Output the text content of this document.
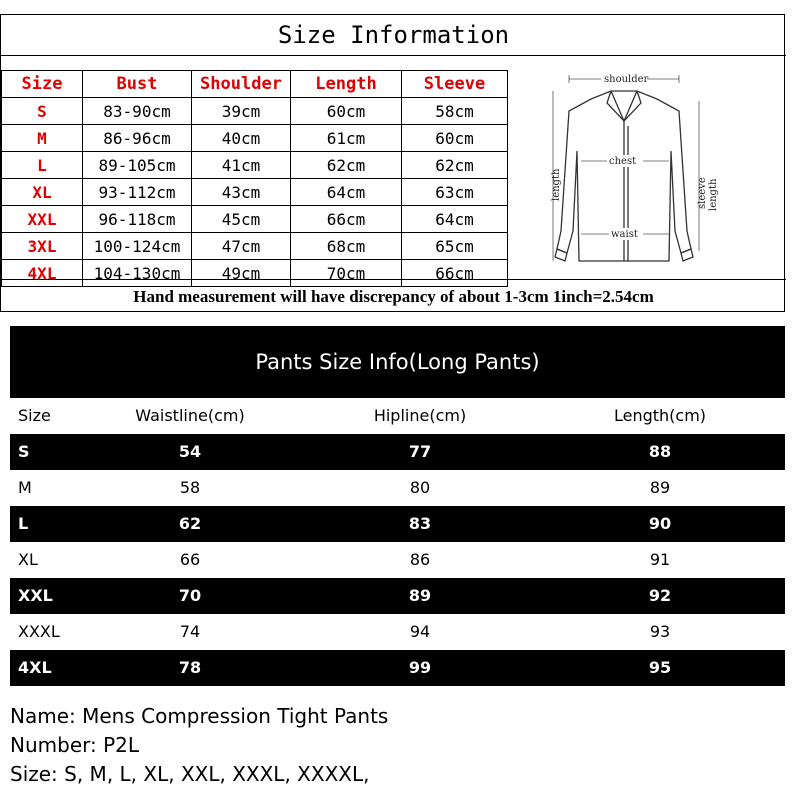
Size Information
Size	Bust	Shoulder	Length	Sleeve
S	83-90cm	39cm	60cm	58cm
M	86-96cm	40cm	61cm	60cm
L	89-105cm	41cm	62cm	62cm
XL	93-112cm	43cm	64cm	63cm
XXL	96-118cm	45cm	66cm	64cm
3XL	100-124cm	47cm	68cm	65cm
4XL	104-130cm	49cm	70cm	66cm
shoulder
chest
waist
length	sleeve length
Hand measurement will have discrepancy of about 1-3cm 1inch=2.54cm
Pants Size Info(Long Pants)
Size	Waistline(cm)	Hipline(cm)	Length(cm)
S	54	77	88
M	58	80	89
L	62	83	90
XL	66	86	91
XXL	70	89	92
XXXL	74	94	93
4XL	78	99	95
Name: Mens Compression Tight Pants
Number: P2L
Size: S, M, L, XL, XXL, XXXL, XXXXL,
